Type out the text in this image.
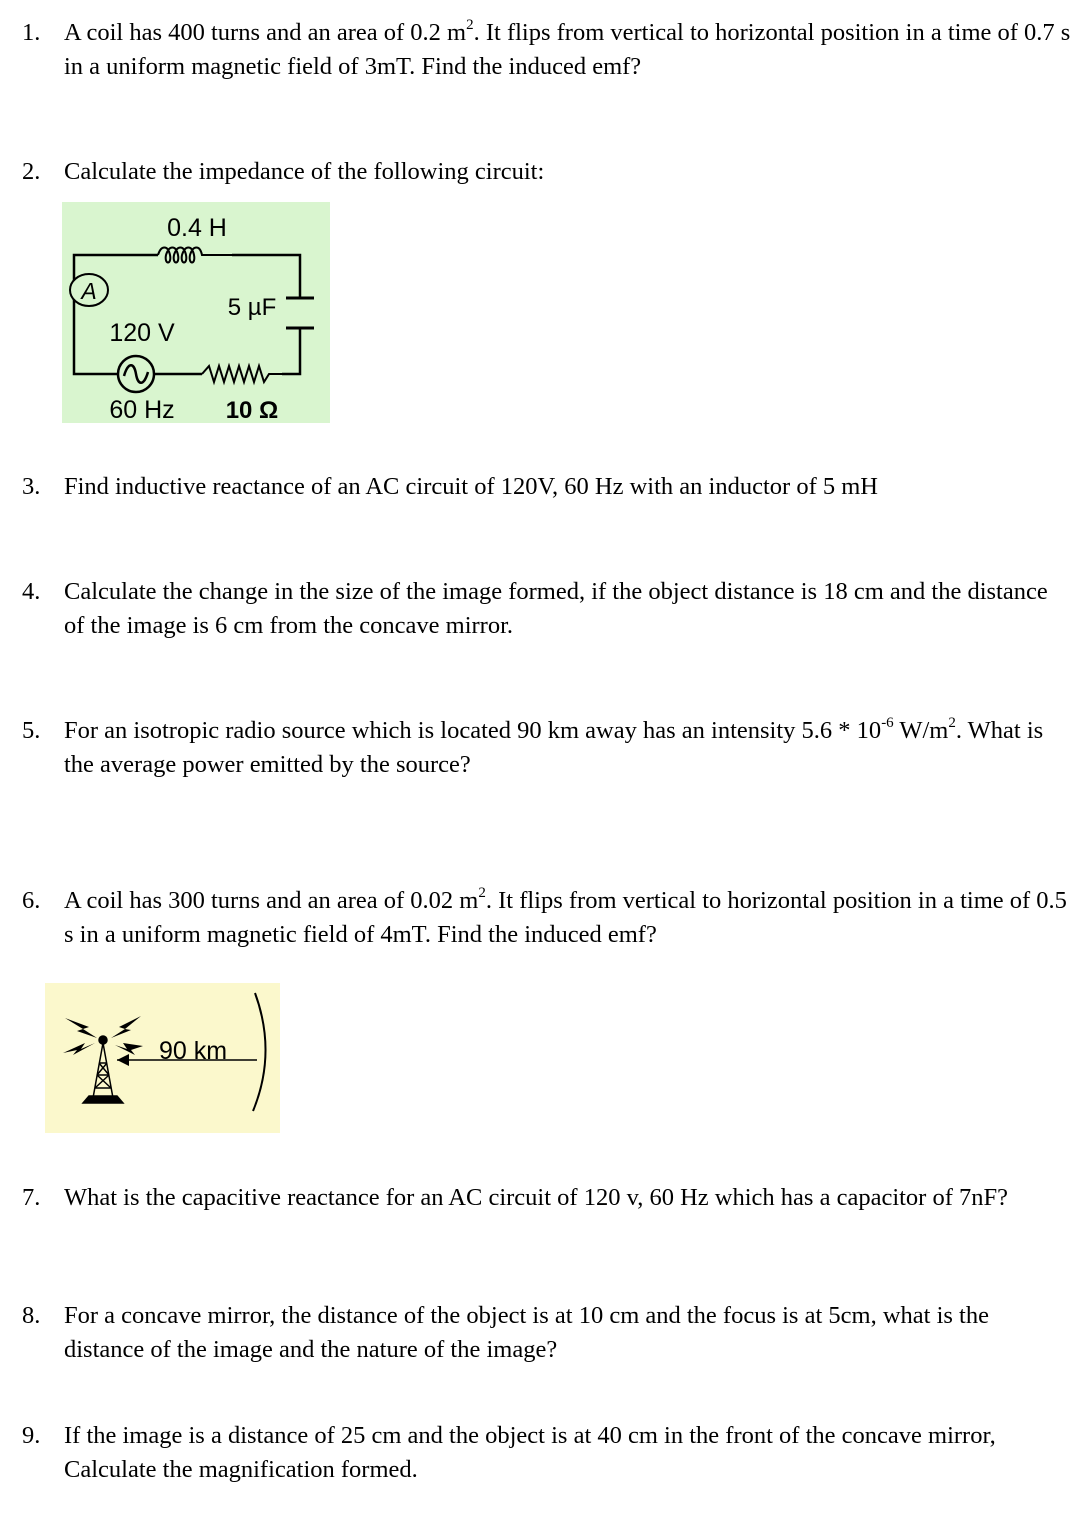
1. A coil has 400 turns and an area of 0.2 $m^2$. It flips from vertical to horizontal position in a time of 0.7 s in a uniform magnetic field of 3mT. Find the induced emf?
2. Calculate the impedance of the following circuit:
A
0.4 H
5 µF
120 V
60 Hz 10 Ω
3. Find inductive reactance of an AC circuit of 120V, 60 Hz with an inductor of 5 mH
4. Calculate the change in the size of the image formed, if the object distance is 18 cm and the distance of the image is 6 cm from the concave mirror.
5. For an isotropic radio source which is located 90 km away has an intensity $5.6 * 10^{-6}$ $W/m^2$. What is the average power emitted by the source?
6. A coil has 300 turns and an area of 0.02 $m^2$. It flips from vertical to horizontal position in a time of 0.5 s in a uniform magnetic field of 4mT. Find the induced emf?
90 km
7. What is the capacitive reactance for an AC circuit of 120 v, 60 Hz which has a capacitor of 7nF?
8. For a concave mirror, the distance of the object is at 10 cm and the focus is at 5cm, what is the distance of the image and the nature of the image?
9. If the image is a distance of 25 cm and the object is at 40 cm in the front of the concave mirror, Calculate the magnification formed.
